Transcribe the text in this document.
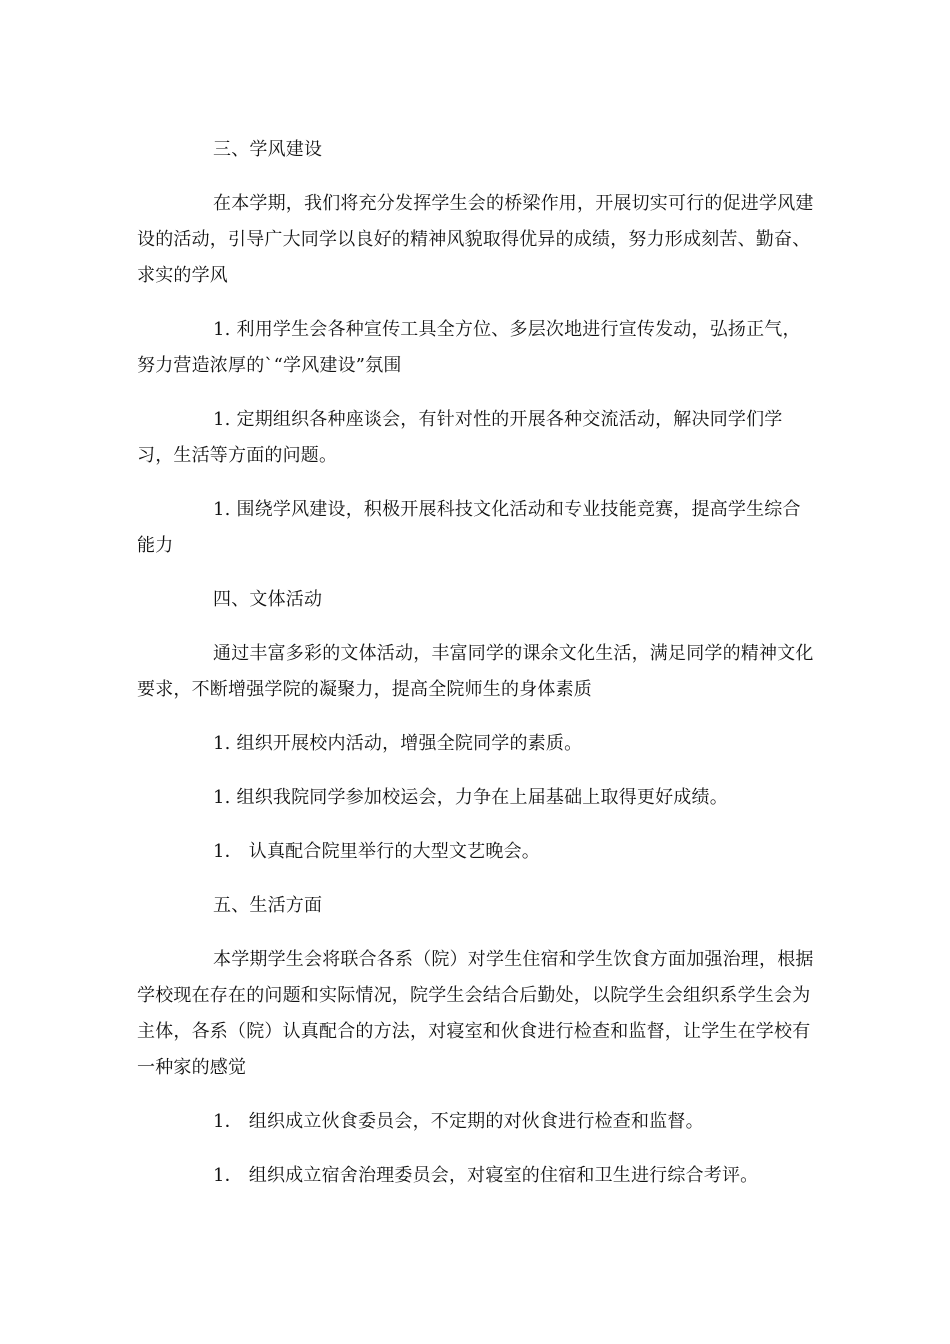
三、学风建设

在本学期，我们将充分发挥学生会的桥梁作用，开展切实可行的促进学风建设的活动，引导广大同学以良好的精神风貌取得优异的成绩，努力形成刻苦、勤奋、求实的学风

1. 利用学生会各种宣传工具全方位、多层次地进行宣传发动，弘扬正气，努力营造浓厚的`“学风建设”氛围

1. 定期组织各种座谈会，有针对性的开展各种交流活动，解决同学们学习，生活等方面的问题。

1. 围绕学风建设，积极开展科技文化活动和专业技能竞赛，提高学生综合能力

四、文体活动

通过丰富多彩的文体活动，丰富同学的课余文化生活，满足同学的精神文化要求，不断增强学院的凝聚力，提高全院师生的身体素质

1. 组织开展校内活动，增强全院同学的素质。

1. 组织我院同学参加校运会，力争在上届基础上取得更好成绩。

1． 认真配合院里举行的大型文艺晚会。

五、生活方面

本学期学生会将联合各系（院）对学生住宿和学生饮食方面加强治理，根据学校现在存在的问题和实际情况，院学生会结合后勤处，以院学生会组织系学生会为主体，各系（院）认真配合的方法，对寝室和伙食进行检查和监督，让学生在学校有一种家的感觉

1． 组织成立伙食委员会，不定期的对伙食进行检查和监督。

1． 组织成立宿舍治理委员会，对寝室的住宿和卫生进行综合考评。
